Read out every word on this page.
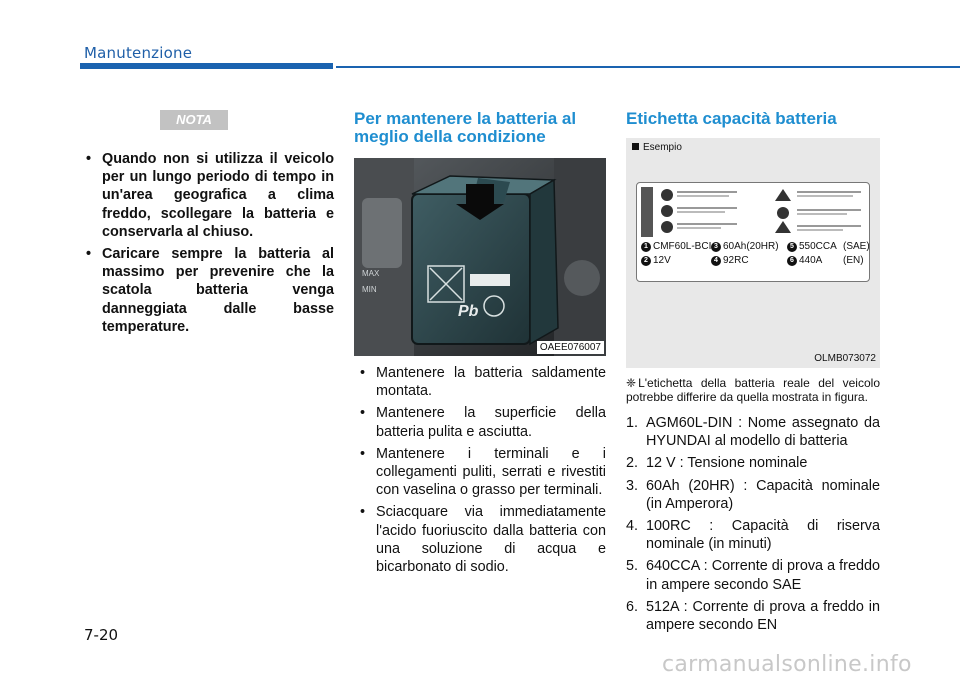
Manutenzione
NOTA
• Quando non si utilizza il veicolo per un lungo periodo di tempo in un'area geografica a clima freddo, scollegare la batteria e conservarla al chiuso.
• Caricare sempre la batteria al massimo per prevenire che la scatola batteria venga danneggiata dalle basse temperature.
Per mantenere la batteria al meglio della condizione
Pb
MAX
MIN
OAEE076007
• Mantenere la batteria saldamente montata.
• Mantenere la superficie della batteria pulita e asciutta.
• Mantenere i terminali e i collegamenti puliti, serrati e rivestiti con vaselina o grasso per terminali.
• Sciacquare via immediatamente l'acido fuoriuscito dalla batteria con una soluzione di acqua e bicarbonato di sodio.
Etichetta capacità batteria
Esempio
1 CMF60L-BCI 3 60Ah(20HR)	5 550CCA (SAE)
2 12V	4 92RC	6 440A	(EN)
OLMB073072
❈ L'etichetta della batteria reale del veicolo potrebbe differire da quella mostrata in figura.
1. AGM60L-DIN : Nome assegnato da HYUNDAI al modello di batteria
2. 12 V : Tensione nominale
3. 60Ah (20HR) : Capacità nominale (in Amperora)
4. 100RC : Capacità di riserva nominale (in minuti)
5. 640CCA : Corrente di prova a freddo in ampere secondo SAE
6. 512A : Corrente di prova a freddo in ampere secondo EN
7-20
carmanualsonline.info
